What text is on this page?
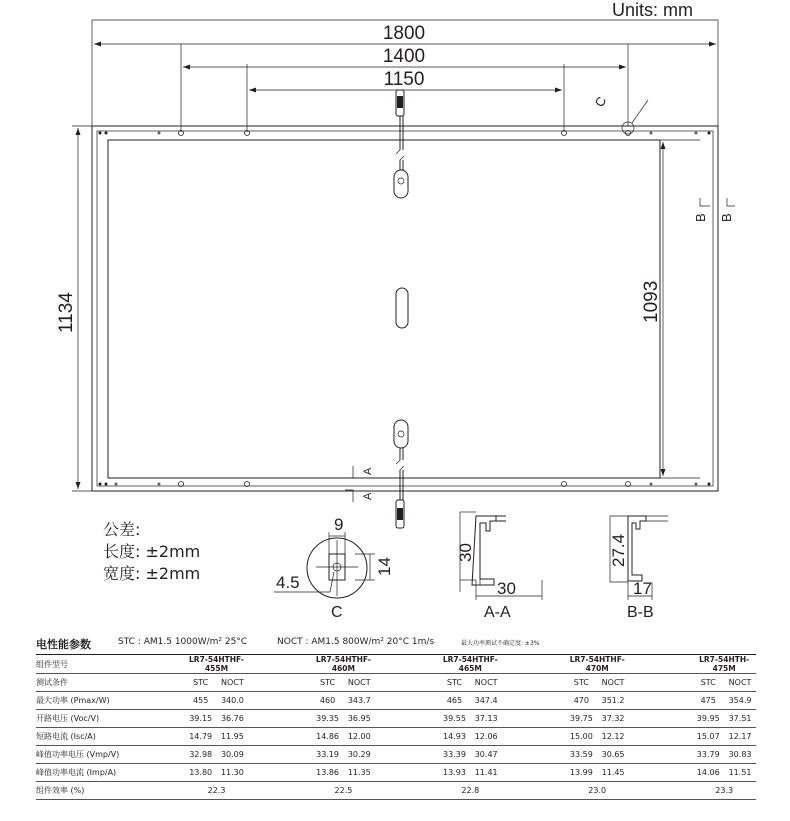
Units: mm
1800
1400
1150
A
A
B B
C
1134	1093
9
14
4.5
C
30
30
A-A
27.4
17
B-B
公差:
长度: ±2mm
宽度: ±2mm
电性能参数	STC : AM1.5 1000W/m² 25°C	NOCT : AM1.5 800W/m² 20°C 1m/s	最大功率测试不确定度: ±3%
组件型号	LR7-54HTHF-455M			LR7-54HTHF-460M			LR7-54HTHF-465M			LR7-54HTHF-470M			LR7-54HTH-475M	
测试条件	STC	NOCT		STC	NOCT		STC	NOCT		STC	NOCT		STC	NOCT
最大功率 (Pmax/W)	455	340.0		460	343.7		465	347.4		470	351.2		475	354.9
开路电压 (Voc/V)	39.15	36.76		39.35	36.95		39.55	37.13		39.75	37.32		39.95	37.51
短路电流 (Isc/A)	14.79	11.95		14.86	12.00		14.93	12.06		15.00	12.12		15.07	12.17
峰值功率电压 (Vmp/V)	32.98	30.09		33.19	30.29		33.39	30.47		33.59	30.65		33.79	30.83
峰值功率电流 (Imp/A)	13.80	11.30		13.86	11.35		13.93	11.41		13.99	11.45		14.06	11.51
组件效率 (%)	22.3			22.5			22.8			23.0			23.3	
